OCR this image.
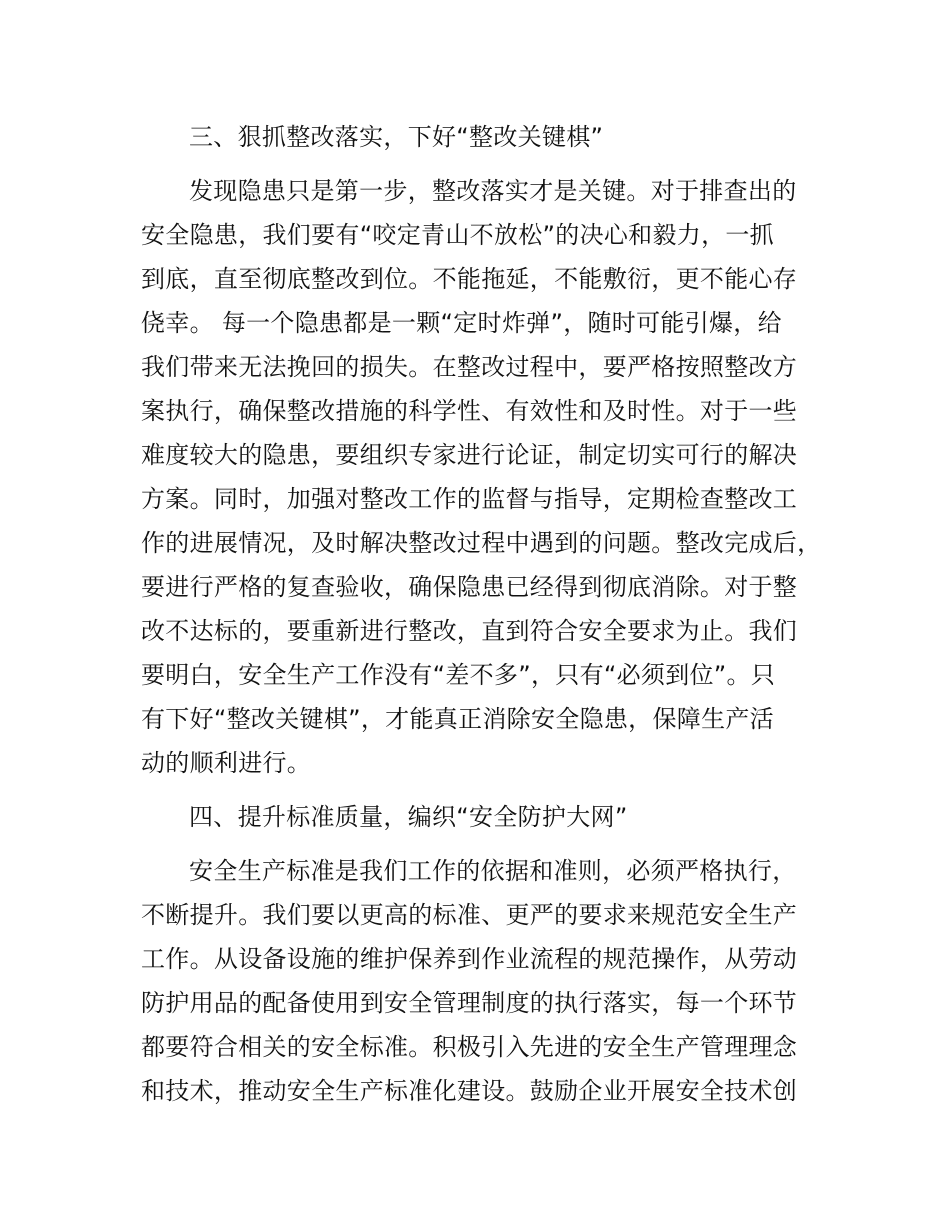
三、狠抓整改落实，下好“整改关键棋”
发现隐患只是第一步，整改落实才是关键。对于排查出的
安全隐患，我们要有“咬定青山不放松”的决心和毅力，一抓
到底，直至彻底整改到位。不能拖延，不能敷衍，更不能心存
侥幸。 每一个隐患都是一颗“定时炸弹”，随时可能引爆，给
我们带来无法挽回的损失。在整改过程中，要严格按照整改方
案执行，确保整改措施的科学性、有效性和及时性。对于一些
难度较大的隐患，要组织专家进行论证，制定切实可行的解决
方案。同时，加强对整改工作的监督与指导，定期检查整改工
作的进展情况，及时解决整改过程中遇到的问题。整改完成后，
要进行严格的复查验收，确保隐患已经得到彻底消除。对于整
改不达标的，要重新进行整改，直到符合安全要求为止。我们
要明白，安全生产工作没有“差不多”，只有“必须到位”。只
有下好“整改关键棋”，才能真正消除安全隐患，保障生产活
动的顺利进行。
四、提升标准质量，编织“安全防护大网”
安全生产标准是我们工作的依据和准则，必须严格执行，
不断提升。我们要以更高的标准、更严的要求来规范安全生产
工作。从设备设施的维护保养到作业流程的规范操作，从劳动
防护用品的配备使用到安全管理制度的执行落实，每一个环节
都要符合相关的安全标准。积极引入先进的安全生产管理理念
和技术，推动安全生产标准化建设。鼓励企业开展安全技术创
